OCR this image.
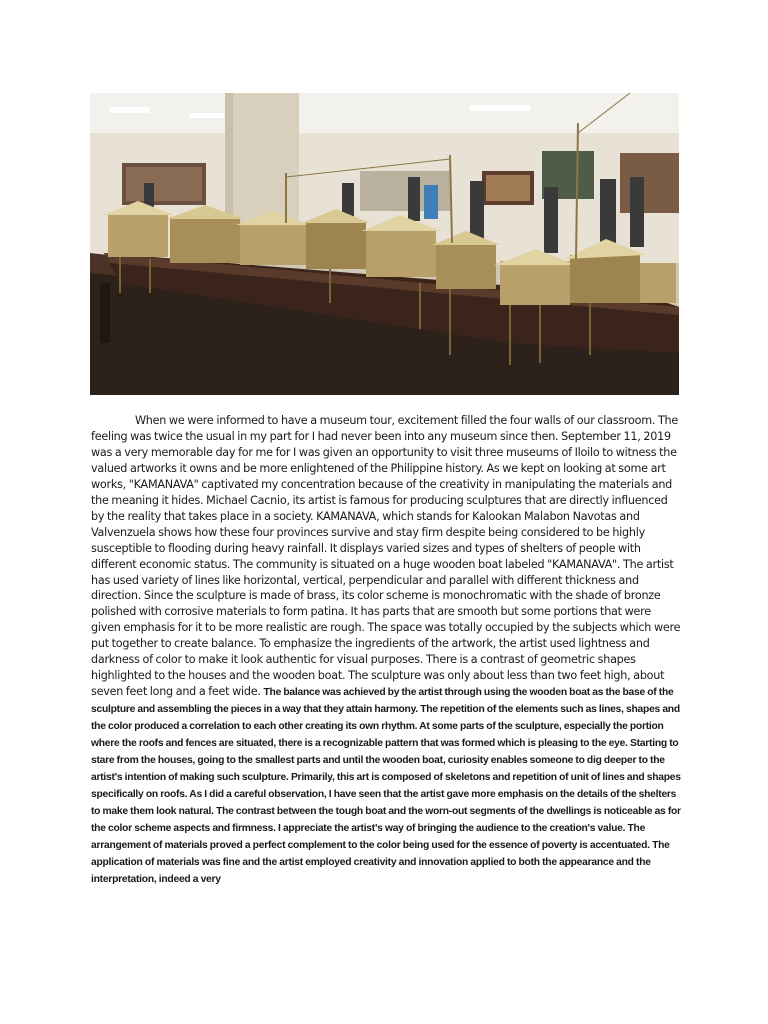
When we were informed to have a museum tour, excitement filled the four walls of our classroom. The feeling was twice the usual in my part for I had never been into any museum since then. September 11, 2019 was a very memorable day for me for I was given an opportunity to visit three museums of Iloilo to witness the valued artworks it owns and be more enlightened of the Philippine history. As we kept on looking at some art works, "KAMANAVA" captivated my concentration because of the creativity in manipulating the materials and the meaning it hides. Michael Cacnio, its artist is famous for producing sculptures that are directly influenced by the reality that takes place in a society. KAMANAVA, which stands for Kalookan Malabon Navotas and Valvenzuela shows how these four provinces survive and stay firm despite being considered to be highly susceptible to flooding during heavy rainfall. It displays varied sizes and types of shelters of people with different economic status. The community is situated on a huge wooden boat labeled "KAMANAVA". The artist has used variety of lines like horizontal, vertical, perpendicular and parallel with different thickness and direction. Since the sculpture is made of brass, its color scheme is monochromatic with the shade of bronze polished with corrosive materials to form patina. It has parts that are smooth but some portions that were given emphasis for it to be more realistic are rough. The space was totally occupied by the subjects which were put together to create balance. To emphasize the ingredients of the artwork, the artist used lightness and darkness of color to make it look authentic for visual purposes. There is a contrast of geometric shapes highlighted to the houses and the wooden boat. The sculpture was only about less than two feet high, about seven feet long and a feet wide. The balance was achieved by the artist through using the wooden boat as the base of the sculpture and assembling the pieces in a way that they attain harmony. The repetition of the elements such as lines, shapes and the color produced a correlation to each other creating its own rhythm. At some parts of the sculpture, especially the portion where the roofs and fences are situated, there is a recognizable pattern that was formed which is pleasing to the eye. Starting to stare from the houses, going to the smallest parts and until the wooden boat, curiosity enables someone to dig deeper to the artist's intention of making such sculpture. Primarily, this art is composed of skeletons and repetition of unit of lines and shapes specifically on roofs. As I did a careful observation, I have seen that the artist gave more emphasis on the details of the shelters to make them look natural. The contrast between the tough boat and the worn-out segments of the dwellings is noticeable as for the color scheme aspects and firmness. I appreciate the artist's way of bringing the audience to the creation's value. The arrangement of materials proved a perfect complement to the color being used for the essence of poverty is accentuated. The application of materials was fine and the artist employed creativity and innovation applied to both the appearance and the interpretation, indeed a very
